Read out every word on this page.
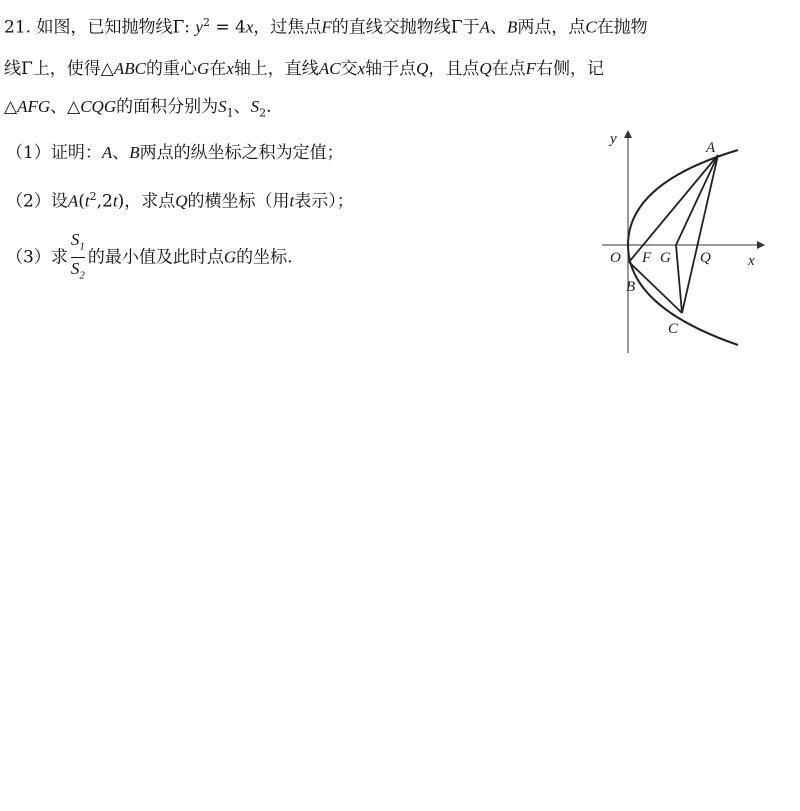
21. 如图，已知抛物线Γ: $y^2 = 4x$，过焦点F的直线交抛物线Γ于A、B两点，点C在抛物
线Γ上，使得△ABC的重心G在x轴上，直线AC交x轴于点Q，且点Q在点F右侧，记
△AFG、△CQG的面积分别为$S_1$、$S_2$.
（1）证明：A、B两点的纵坐标之积为定值；
（2）设$A(t^2,2t)$，求点Q的横坐标（用t表示）；
（3）求 $\frac{S_1}{S_2}$ 的最小值及此时点G的坐标.
y
x
O F G Q
A
B
C
